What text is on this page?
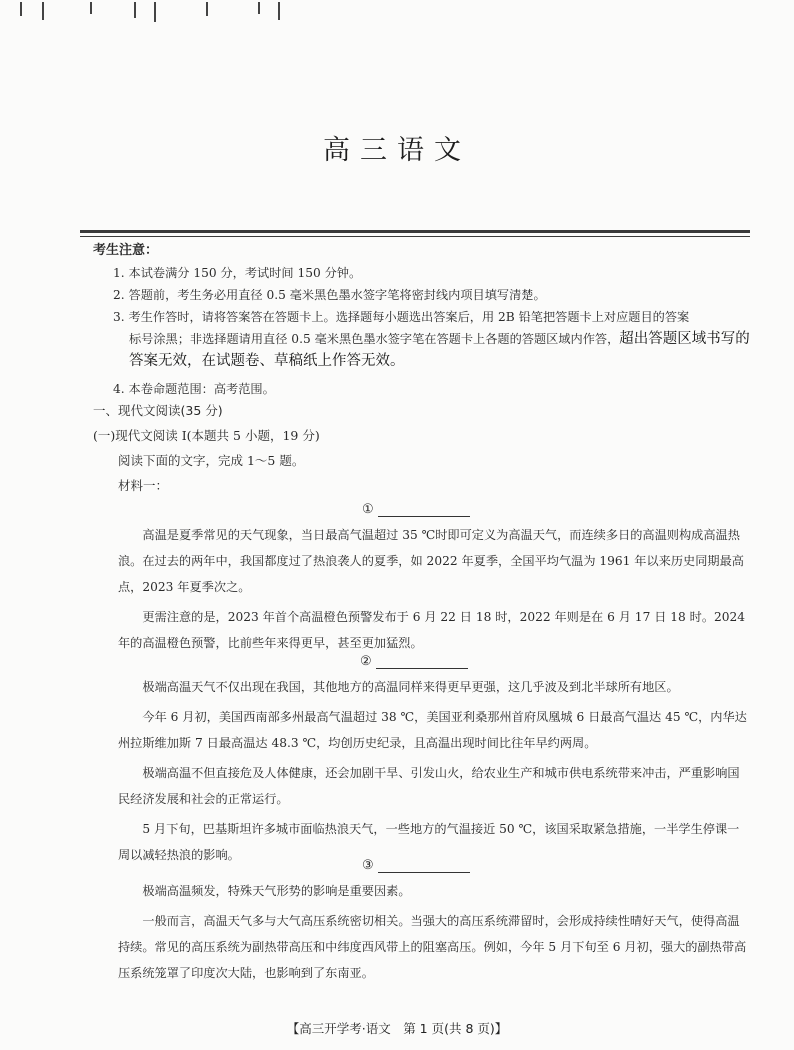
高三语文
考生注意：

1. 本试卷满分 150 分，考试时间 150 分钟。

2. 答题前，考生务必用直径 0.5 毫米黑色墨水签字笔将密封线内项目填写清楚。

3. 考生作答时，请将答案答在答题卡上。选择题每小题选出答案后，用 2B 铅笔把答题卡上对应题目的答案

标号涂黑；非选择题请用直径 0.5 毫米黑色墨水签字笔在答题卡上各题的答题区域内作答，超出答题区域书写的答案无效，在试题卷、草稿纸上作答无效。

4. 本卷命题范围：高考范围。

一、现代文阅读(35 分)
(一)现代文阅读 Ⅰ(本题共 5 小题，19 分)
阅读下面的文字，完成 1～5 题。
材料一：
①

高温是夏季常见的天气现象，当日最高气温超过 35 ℃时即可定义为高温天气，而连续多日的高温则构成高温热浪。在过去的两年中，我国都度过了热浪袭人的夏季，如 2022 年夏季，全国平均气温为 1961 年以来历史同期最高点，2023 年夏季次之。

更需注意的是，2023 年首个高温橙色预警发布于 6 月 22 日 18 时，2022 年则是在 6 月 17 日 18 时。2024 年的高温橙色预警，比前些年来得更早，甚至更加猛烈。

②

极端高温天气不仅出现在我国，其他地方的高温同样来得更早更强，这几乎波及到北半球所有地区。

今年 6 月初，美国西南部多州最高气温超过 38 ℃，美国亚利桑那州首府凤凰城 6 日最高气温达 45 ℃，内华达州拉斯维加斯 7 日最高温达 48.3 ℃，均创历史纪录，且高温出现时间比往年早约两周。

极端高温不但直接危及人体健康，还会加剧干旱、引发山火，给农业生产和城市供电系统带来冲击，严重影响国民经济发展和社会的正常运行。

5 月下旬，巴基斯坦许多城市面临热浪天气，一些地方的气温接近 50 ℃，该国采取紧急措施，一半学生停课一周以减轻热浪的影响。

③

极端高温频发，特殊天气形势的影响是重要因素。

一般而言，高温天气多与大气高压系统密切相关。当强大的高压系统滞留时，会形成持续性晴好天气，使得高温持续。常见的高压系统为副热带高压和中纬度西风带上的阻塞高压。例如，今年 5 月下旬至 6 月初，强大的副热带高压系统笼罩了印度次大陆，也影响到了东南亚。

【高三开学考·语文　第 1 页(共 8 页)】
